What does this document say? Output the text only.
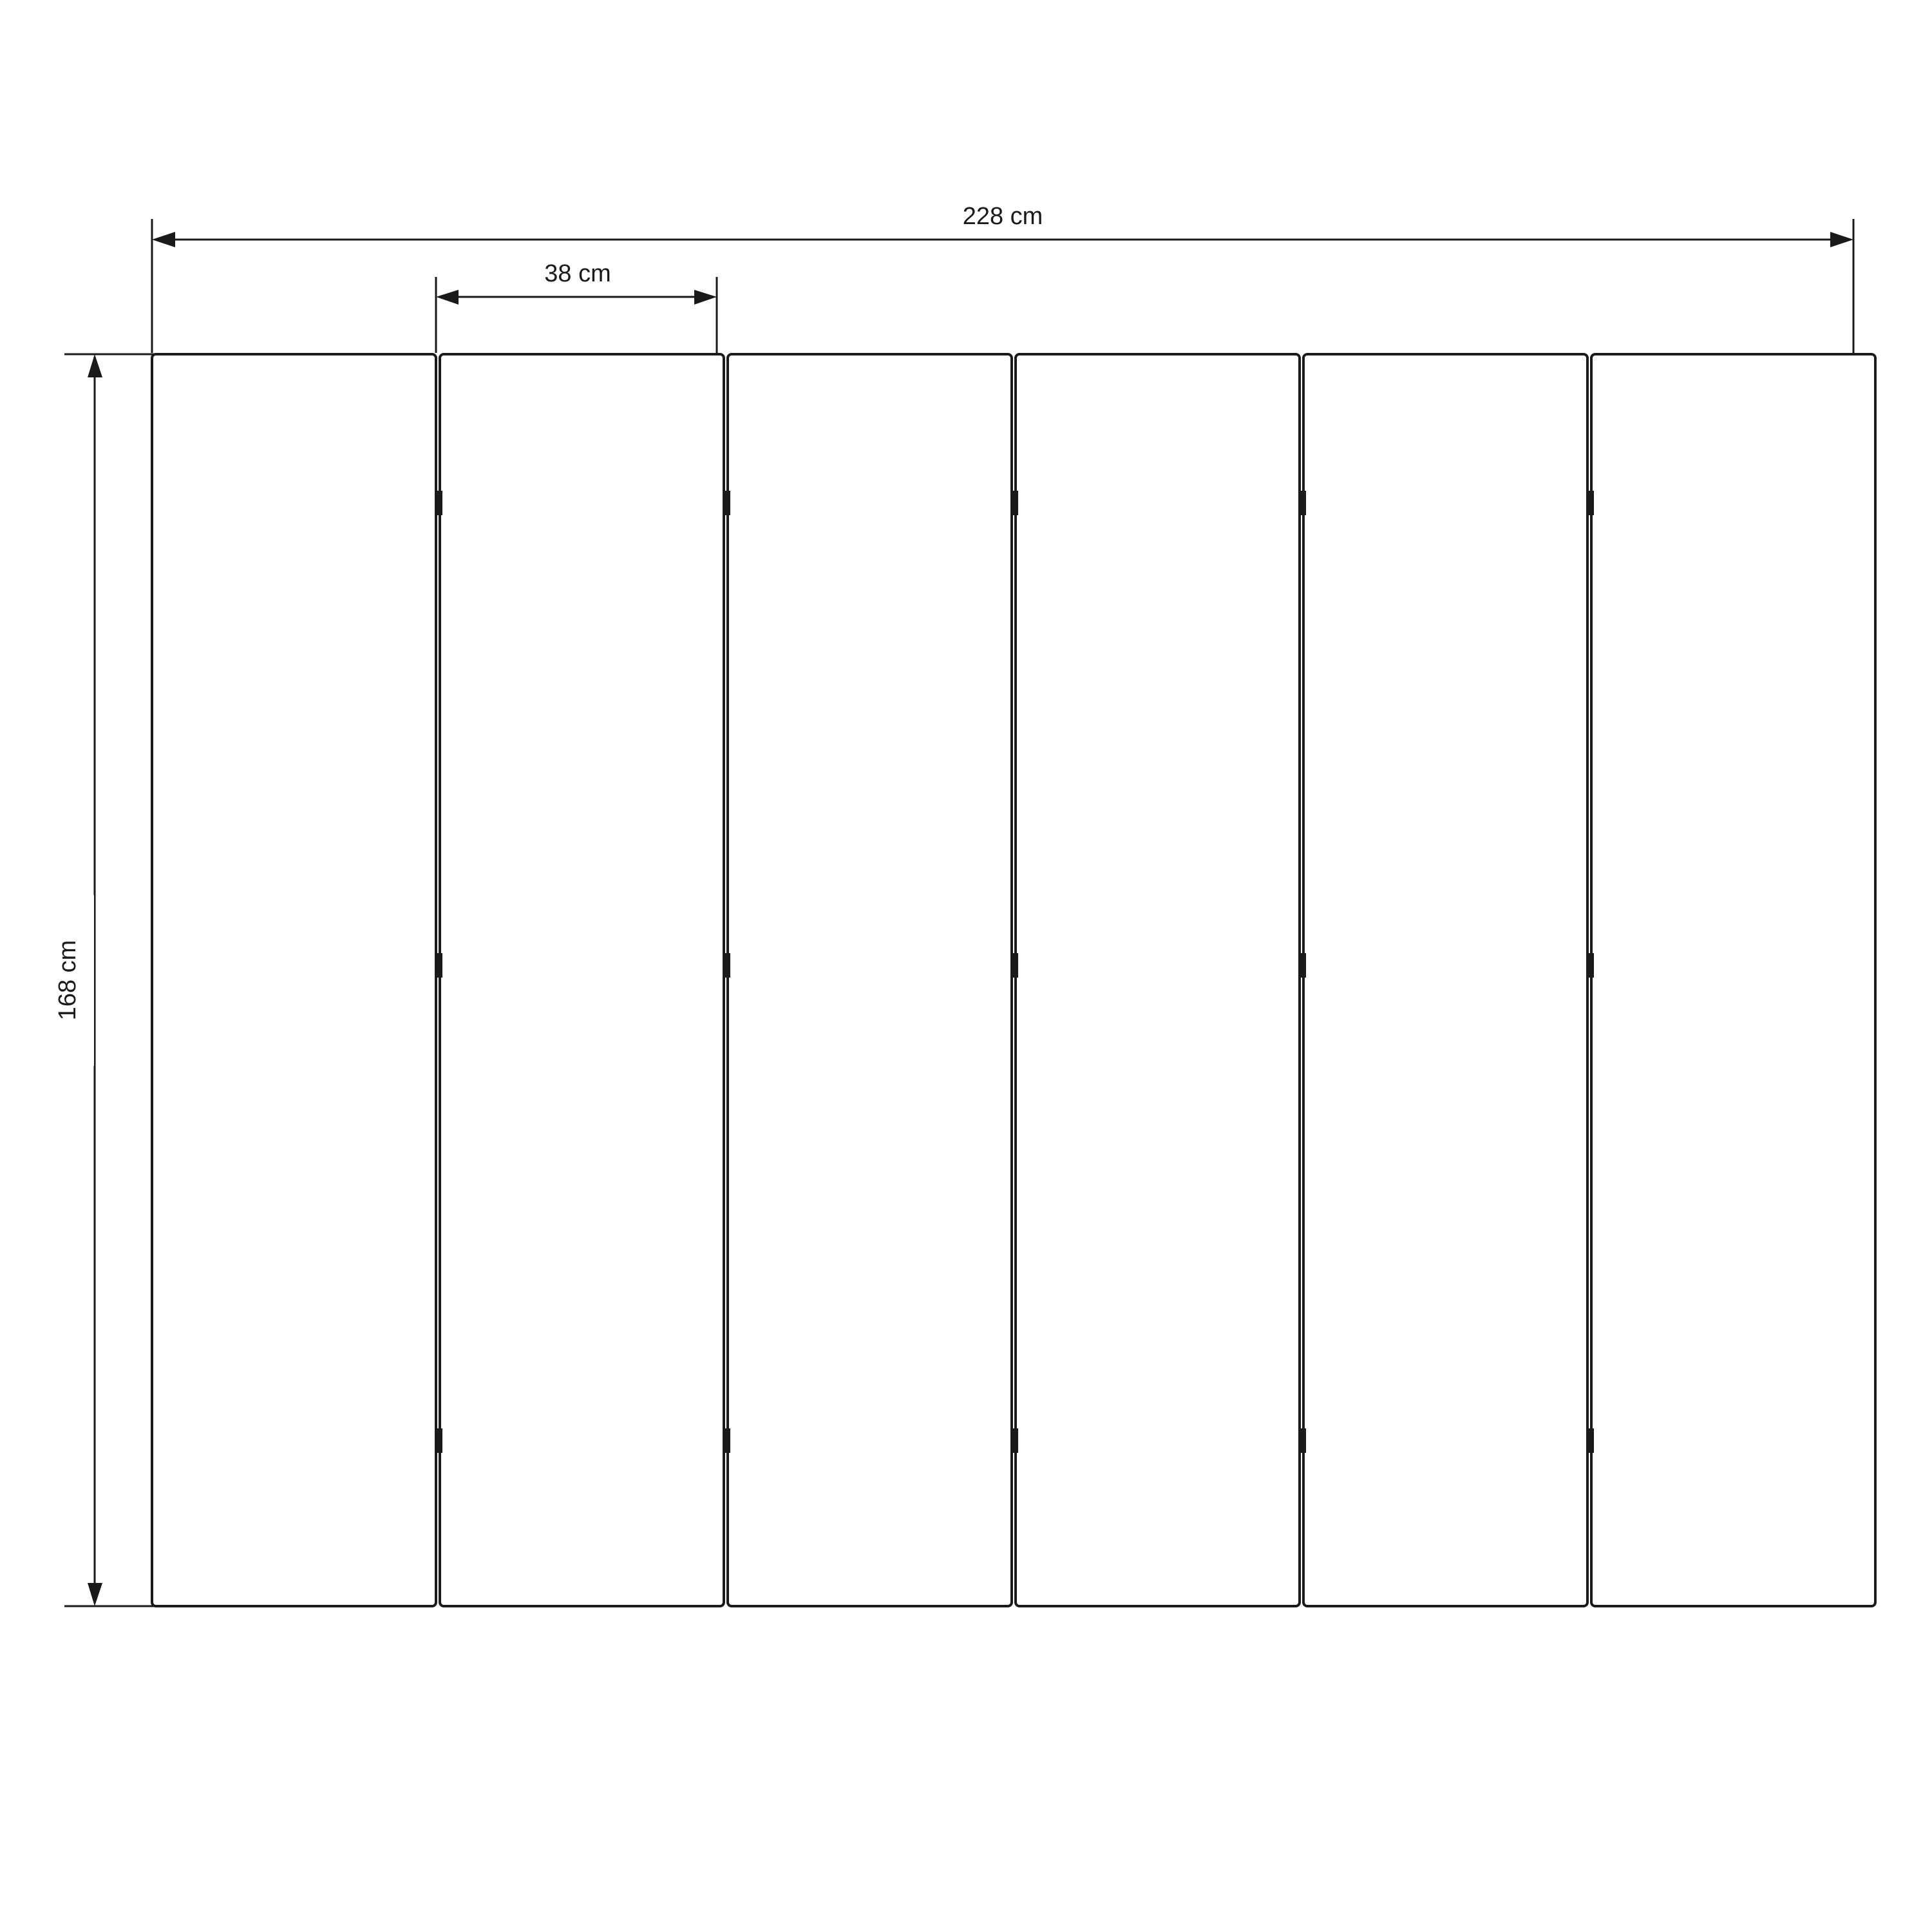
228 cm
38 cm
168 cm
